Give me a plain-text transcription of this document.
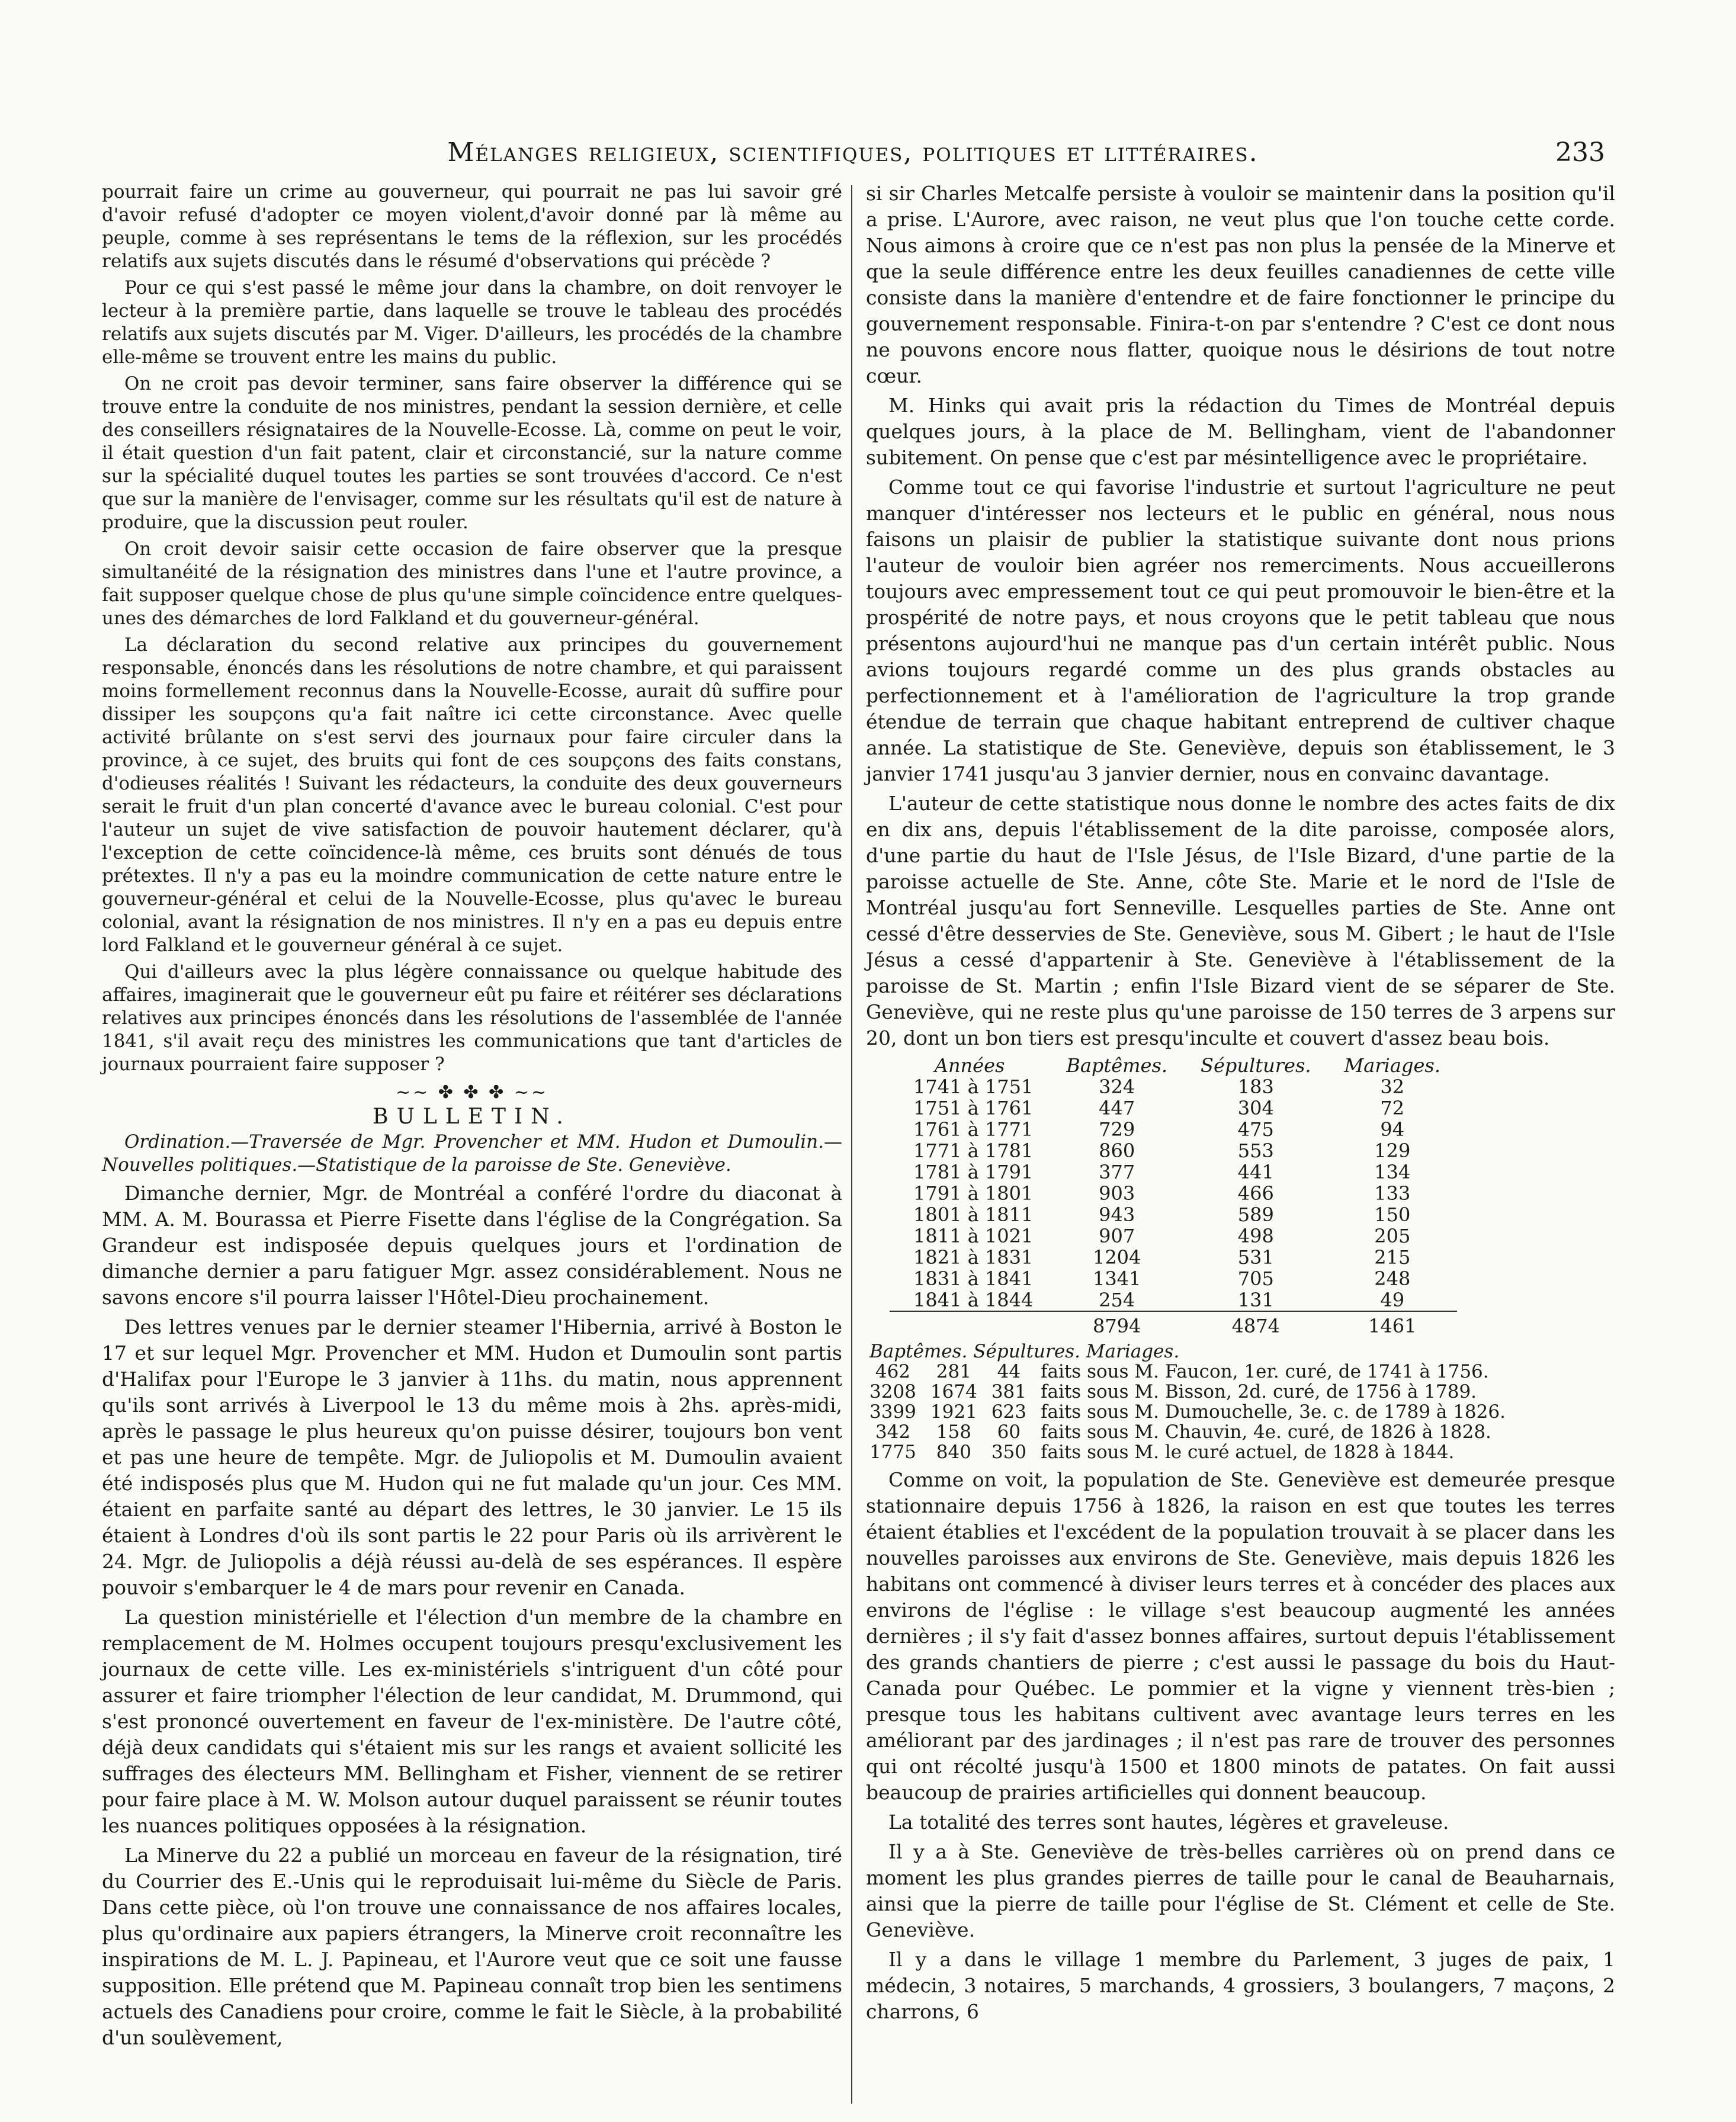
Mélanges religieux, scientifiques, politiques et littéraires.	233

pourrait faire un crime au gouverneur, qui pourrait ne pas lui savoir gré d'avoir refusé d'adopter ce moyen violent,d'avoir donné par là même au peuple, comme à ses représentans le tems de la réflexion, sur les procédés relatifs aux sujets discutés dans le résumé d'observations qui précède ?

Pour ce qui s'est passé le même jour dans la chambre, on doit renvoyer le lecteur à la première partie, dans laquelle se trouve le tableau des procédés relatifs aux sujets discutés par M. Viger. D'ailleurs, les procédés de la chambre elle-même se trouvent entre les mains du public.

On ne croit pas devoir terminer, sans faire observer la différence qui se trouve entre la conduite de nos ministres, pendant la session dernière, et celle des conseillers résignataires de la Nouvelle-Ecosse. Là, comme on peut le voir, il était question d'un fait patent, clair et circonstancié, sur la nature comme sur la spécialité duquel toutes les parties se sont trouvées d'accord. Ce n'est que sur la manière de l'envisager, comme sur les résultats qu'il est de nature à produire, que la discussion peut rouler.

On croit devoir saisir cette occasion de faire observer que la presque simultanéité de la résignation des ministres dans l'une et l'autre province, a fait supposer quelque chose de plus qu'une simple coïncidence entre quelques-unes des démarches de lord Falkland et du gouverneur-général.

La déclaration du second relative aux principes du gouvernement responsable, énoncés dans les résolutions de notre chambre, et qui paraissent moins formellement reconnus dans la Nouvelle-Ecosse, aurait dû suffire pour dissiper les soupçons qu'a fait naître ici cette circonstance. Avec quelle activité brûlante on s'est servi des journaux pour faire circuler dans la province, à ce sujet, des bruits qui font de ces soupçons des faits constans, d'odieuses réalités ! Suivant les rédacteurs, la conduite des deux gouverneurs serait le fruit d'un plan concerté d'avance avec le bureau colonial. C'est pour l'auteur un sujet de vive satisfaction de pouvoir hautement déclarer, qu'à l'exception de cette coïncidence-là même, ces bruits sont dénués de tous prétextes. Il n'y a pas eu la moindre communication de cette nature entre le gouverneur-général et celui de la Nouvelle-Ecosse, plus qu'avec le bureau colonial, avant la résignation de nos ministres. Il n'y en a pas eu depuis entre lord Falkland et le gouverneur général à ce sujet.

Qui d'ailleurs avec la plus légère connaissance ou quelque habitude des affaires, imaginerait que le gouverneur eût pu faire et réitérer ses déclarations relatives aux principes énoncés dans les résolutions de l'assemblée de l'année 1841, s'il avait reçu des ministres les communications que tant d'articles de journaux pourraient faire supposer ?

~~ ✤ ✤ ✤ ~~
BULLETIN.

Ordination.—Traversée de Mgr. Provencher et MM. Hudon et Dumoulin.—Nouvelles politiques.—Statistique de la paroisse de Ste. Geneviève.

Dimanche dernier, Mgr. de Montréal a conféré l'ordre du diaconat à MM. A. M. Bourassa et Pierre Fisette dans l'église de la Congrégation. Sa Grandeur est indisposée depuis quelques jours et l'ordination de dimanche dernier a paru fatiguer Mgr. assez considérablement. Nous ne savons encore s'il pourra laisser l'Hôtel-Dieu prochainement.

Des lettres venues par le dernier steamer l'Hibernia, arrivé à Boston le 17 et sur lequel Mgr. Provencher et MM. Hudon et Dumoulin sont partis d'Halifax pour l'Europe le 3 janvier à 11hs. du matin, nous apprennent qu'ils sont arrivés à Liverpool le 13 du même mois à 2hs. après-midi, après le passage le plus heureux qu'on puisse désirer, toujours bon vent et pas une heure de tempête. Mgr. de Juliopolis et M. Dumoulin avaient été indisposés plus que M. Hudon qui ne fut malade qu'un jour. Ces MM. étaient en parfaite santé au départ des lettres, le 30 janvier. Le 15 ils étaient à Londres d'où ils sont partis le 22 pour Paris où ils arrivèrent le 24. Mgr. de Juliopolis a déjà réussi au-delà de ses espérances. Il espère pouvoir s'embarquer le 4 de mars pour revenir en Canada.

La question ministérielle et l'élection d'un membre de la chambre en remplacement de M. Holmes occupent toujours presqu'exclusivement les journaux de cette ville. Les ex-ministériels s'intriguent d'un côté pour assurer et faire triompher l'élection de leur candidat, M. Drummond, qui s'est prononcé ouvertement en faveur de l'ex-ministère. De l'autre côté, déjà deux candidats qui s'étaient mis sur les rangs et avaient sollicité les suffrages des électeurs MM. Bellingham et Fisher, viennent de se retirer pour faire place à M. W. Molson autour duquel paraissent se réunir toutes les nuances politiques opposées à la résignation.

La Minerve du 22 a publié un morceau en faveur de la résignation, tiré du Courrier des E.-Unis qui le reproduisait lui-même du Siècle de Paris. Dans cette pièce, où l'on trouve une connaissance de nos affaires locales, plus qu'ordinaire aux papiers étrangers, la Minerve croit reconnaître les inspirations de M. L. J. Papineau, et l'Aurore veut que ce soit une fausse supposition. Elle prétend que M. Papineau connaît trop bien les sentimens actuels des Canadiens pour croire, comme le fait le Siècle, à la probabilité d'un soulèvement,

si sir Charles Metcalfe persiste à vouloir se maintenir dans la position qu'il a prise. L'Aurore, avec raison, ne veut plus que l'on touche cette corde. Nous aimons à croire que ce n'est pas non plus la pensée de la Minerve et que la seule différence entre les deux feuilles canadiennes de cette ville consiste dans la manière d'entendre et de faire fonctionner le principe du gouvernement responsable. Finira-t-on par s'entendre ? C'est ce dont nous ne pouvons encore nous flatter, quoique nous le désirions de tout notre cœur.

M. Hinks qui avait pris la rédaction du Times de Montréal depuis quelques jours, à la place de M. Bellingham, vient de l'abandonner subitement. On pense que c'est par mésintelligence avec le propriétaire.

Comme tout ce qui favorise l'industrie et surtout l'agriculture ne peut manquer d'intéresser nos lecteurs et le public en général, nous nous faisons un plaisir de publier la statistique suivante dont nous prions l'auteur de vouloir bien agréer nos remerciments. Nous accueillerons toujours avec empressement tout ce qui peut promouvoir le bien-être et la prospérité de notre pays, et nous croyons que le petit tableau que nous présentons aujourd'hui ne manque pas d'un certain intérêt public. Nous avions toujours regardé comme un des plus grands obstacles au perfectionnement et à l'amélioration de l'agriculture la trop grande étendue de terrain que chaque habitant entreprend de cultiver chaque année. La statistique de Ste. Geneviève, depuis son établissement, le 3 janvier 1741 jusqu'au 3 janvier dernier, nous en convainc davantage.

L'auteur de cette statistique nous donne le nombre des actes faits de dix en dix ans, depuis l'établissement de la dite paroisse, composée alors, d'une partie du haut de l'Isle Jésus, de l'Isle Bizard, d'une partie de la paroisse actuelle de Ste. Anne, côte Ste. Marie et le nord de l'Isle de Montréal jusqu'au fort Senneville. Lesquelles parties de Ste. Anne ont cessé d'être desservies de Ste. Geneviève, sous M. Gibert ; le haut de l'Isle Jésus a cessé d'appartenir à Ste. Geneviève à l'établissement de la paroisse de St. Martin ; enfin l'Isle Bizard vient de se séparer de Ste. Geneviève, qui ne reste plus qu'une paroisse de 150 terres de 3 arpens sur 20, dont un bon tiers est presqu'inculte et couvert d'assez beau bois.

Années	Baptêmes.	Sépultures.	Mariages.
1741 à 1751	324	183	32
1751 à 1761	447	304	72
1761 à 1771	729	475	94
1771 à 1781	860	553	129
1781 à 1791	377	441	134
1791 à 1801	903	466	133
1801 à 1811	943	589	150
1811 à 1021	907	498	205
1821 à 1831	1204	531	215
1831 à 1841	1341	705	248
1841 à 1844	254	131	49
	8794	4874	1461
Baptêmes. Sépultures. Mariages.			
462	281	44	faits sous M. Faucon, 1er. curé, de 1741 à 1756.
3208	1674	381	faits sous M. Bisson, 2d. curé, de 1756 à 1789.
3399	1921	623	faits sous M. Dumouchelle, 3e. c. de 1789 à 1826.
342	158	60	faits sous M. Chauvin, 4e. curé, de 1826 à 1828.
1775	840	350	faits sous M. le curé actuel, de 1828 à 1844.

Comme on voit, la population de Ste. Geneviève est demeurée presque stationnaire depuis 1756 à 1826, la raison en est que toutes les terres étaient établies et l'excédent de la population trouvait à se placer dans les nouvelles paroisses aux environs de Ste. Geneviève, mais depuis 1826 les habitans ont commencé à diviser leurs terres et à concéder des places aux environs de l'église : le village s'est beaucoup augmenté les années dernières ; il s'y fait d'assez bonnes affaires, surtout depuis l'établissement des grands chantiers de pierre ; c'est aussi le passage du bois du Haut-Canada pour Québec. Le pommier et la vigne y viennent très-bien ; presque tous les habitans cultivent avec avantage leurs terres en les améliorant par des jardinages ; il n'est pas rare de trouver des personnes qui ont récolté jusqu'à 1500 et 1800 minots de patates. On fait aussi beaucoup de prairies artificielles qui donnent beaucoup.

La totalité des terres sont hautes, légères et graveleuse.

Il y a à Ste. Geneviève de très-belles carrières où on prend dans ce moment les plus grandes pierres de taille pour le canal de Beauharnais, ainsi que la pierre de taille pour l'église de St. Clément et celle de Ste. Geneviève.

Il y a dans le village 1 membre du Parlement, 3 juges de paix, 1 médecin, 3 notaires, 5 marchands, 4 grossiers, 3 boulangers, 7 maçons, 2 charrons, 6
